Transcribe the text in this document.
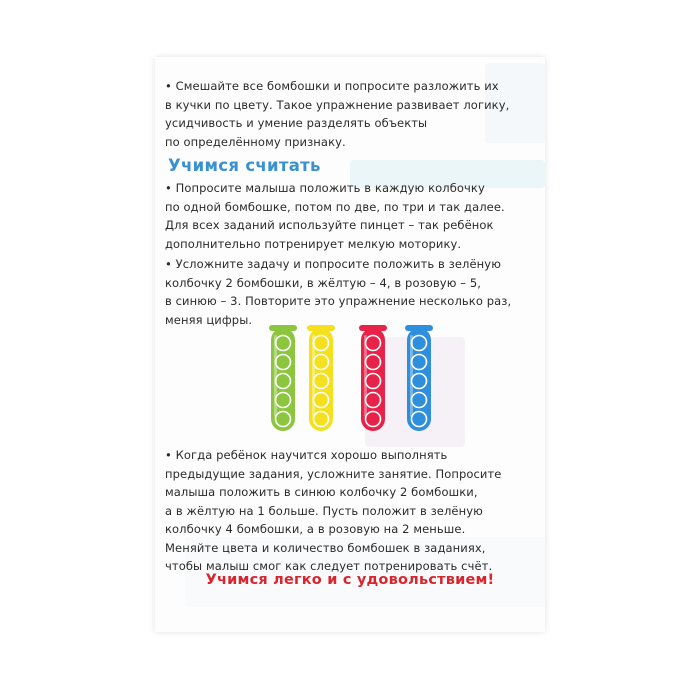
• Смешайте все бомбошки и попросите разложить их
в кучки по цвету. Такое упражнение развивает логику,
усидчивость и умение разделять объекты
по определённому признаку.
Учимся считать
• Попросите малыша положить в каждую колбочку
по одной бомбошке, потом по две, по три и так далее.
Для всех заданий используйте пинцет – так ребёнок
дополнительно потренирует мелкую моторику.
• Усложните задачу и попросите положить в зелёную
колбочку 2 бомбошки, в жёлтую – 4, в розовую – 5,
в синюю – 3. Повторите это упражнение несколько раз,
меняя цифры.
• Когда ребёнок научится хорошо выполнять
предыдущие задания, усложните занятие. Попросите
малыша положить в синюю колбочку 2 бомбошки,
а в жёлтую на 1 больше. Пусть положит в зелёную
колбочку 4 бомбошки, а в розовую на 2 меньше.
Меняйте цвета и количество бомбошек в заданиях,
чтобы малыш смог как следует потренировать счёт.
Учимся легко и с удовольствием!
